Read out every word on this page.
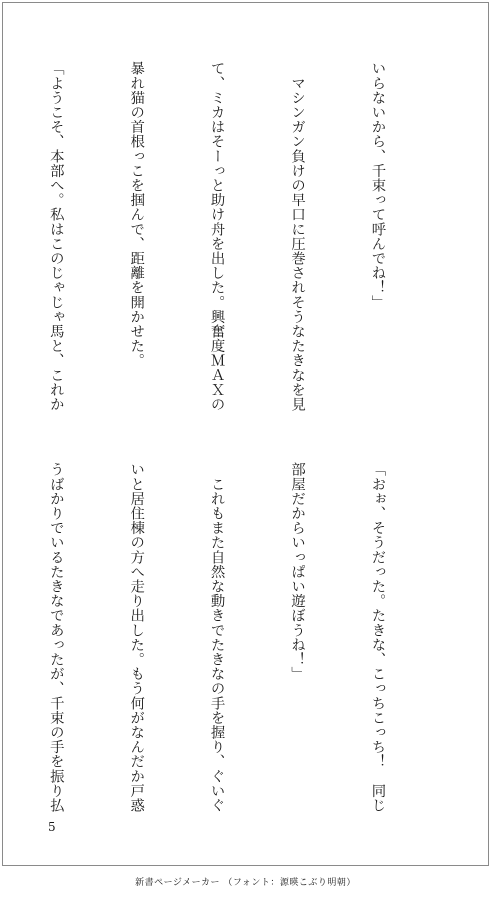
いらないから、千束って呼んでね！」

　マシンガン負けの早口に圧巻されそうなたきなを見

て、ミカはそーっと助け舟を出した。興奮度ＭＡＸの

暴れ猫の首根っこを掴んで、距離を開かせた。

「ようこそ、本部へ。私はこのじゃじゃ馬と、これか

「おぉ、そうだった。たきな、こっちこっち！　同じ

部屋だからいっぱい遊ぼうね！」

　これもまた自然な動きでたきなの手を握り、ぐいぐ

いと居住棟の方へ走り出した。もう何がなんだか戸惑

うばかりでいるたきなであったが、千束の手を振り払

5
新書ページメーカー （フォント：源暎こぶり明朝）
